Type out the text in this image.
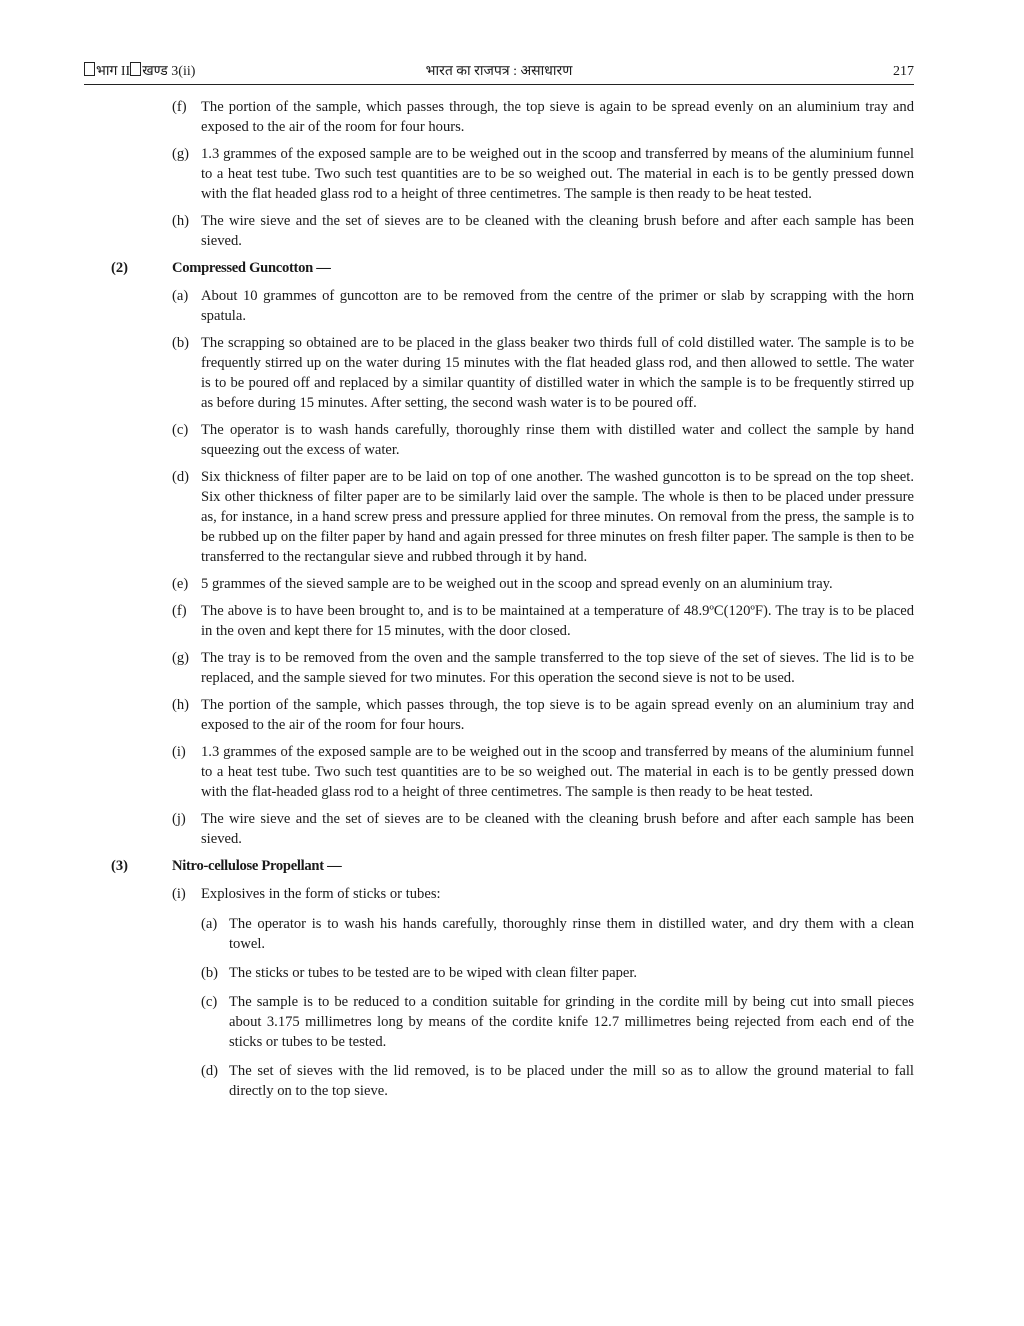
भाग II खण्ड 3(ii)	भारत का राजपत्र : असाधारण	217
(f) The portion of the sample, which passes through, the top sieve is again to be spread evenly on an aluminium tray and exposed to the air of the room for four hours.
(g) 1.3 grammes of the exposed sample are to be weighed out in the scoop and transferred by means of the aluminium funnel to a heat test tube. Two such test quantities are to be so weighed out. The material in each is to be gently pressed down with the flat headed glass rod to a height of three centimetres. The sample is then ready to be heat tested.
(h) The wire sieve and the set of sieves are to be cleaned with the cleaning brush before and after each sample has been sieved.
(2)	Compressed Guncotton —
(a) About 10 grammes of guncotton are to be removed from the centre of the primer or slab by scrapping with the horn spatula.
(b) The scrapping so obtained are to be placed in the glass beaker two thirds full of cold distilled water. The sample is to be frequently stirred up on the water during 15 minutes with the flat headed glass rod, and then allowed to settle. The water is to be poured off and replaced by a similar quantity of distilled water in which the sample is to be frequently stirred up as before during 15 minutes. After setting, the second wash water is to be poured off.
(c) The operator is to wash hands carefully, thoroughly rinse them with distilled water and collect the sample by hand squeezing out the excess of water.
(d) Six thickness of filter paper are to be laid on top of one another. The washed guncotton is to be spread on the top sheet. Six other thickness of filter paper are to be similarly laid over the sample. The whole is then to be placed under pressure as, for instance, in a hand screw press and pressure applied for three minutes. On removal from the press, the sample is to be rubbed up on the filter paper by hand and again pressed for three minutes on fresh filter paper. The sample is then to be transferred to the rectangular sieve and rubbed through it by hand.
(e) 5 grammes of the sieved sample are to be weighed out in the scoop and spread evenly on an aluminium tray.
(f) The above is to have been brought to, and is to be maintained at a temperature of 48.9ºC(120ºF). The tray is to be placed in the oven and kept there for 15 minutes, with the door closed.
(g) The tray is to be removed from the oven and the sample transferred to the top sieve of the set of sieves. The lid is to be replaced, and the sample sieved for two minutes. For this operation the second sieve is not to be used.
(h) The portion of the sample, which passes through, the top sieve is to be again spread evenly on an aluminium tray and exposed to the air of the room for four hours.
(i) 1.3 grammes of the exposed sample are to be weighed out in the scoop and transferred by means of the aluminium funnel to a heat test tube. Two such test quantities are to be so weighed out. The material in each is to be gently pressed down with the flat-headed glass rod to a height of three centimetres. The sample is then ready to be heat tested.
(j) The wire sieve and the set of sieves are to be cleaned with the cleaning brush before and after each sample has been sieved.
(3)	Nitro-cellulose Propellant —
(i) Explosives in the form of sticks or tubes:
(a) The operator is to wash his hands carefully, thoroughly rinse them in distilled water, and dry them with a clean towel.
(b) The sticks or tubes to be tested are to be wiped with clean filter paper.
(c) The sample is to be reduced to a condition suitable for grinding in the cordite mill by being cut into small pieces about 3.175 millimetres long by means of the cordite knife 12.7 millimetres being rejected from each end of the sticks or tubes to be tested.
(d) The set of sieves with the lid removed, is to be placed under the mill so as to allow the ground material to fall directly on to the top sieve.
